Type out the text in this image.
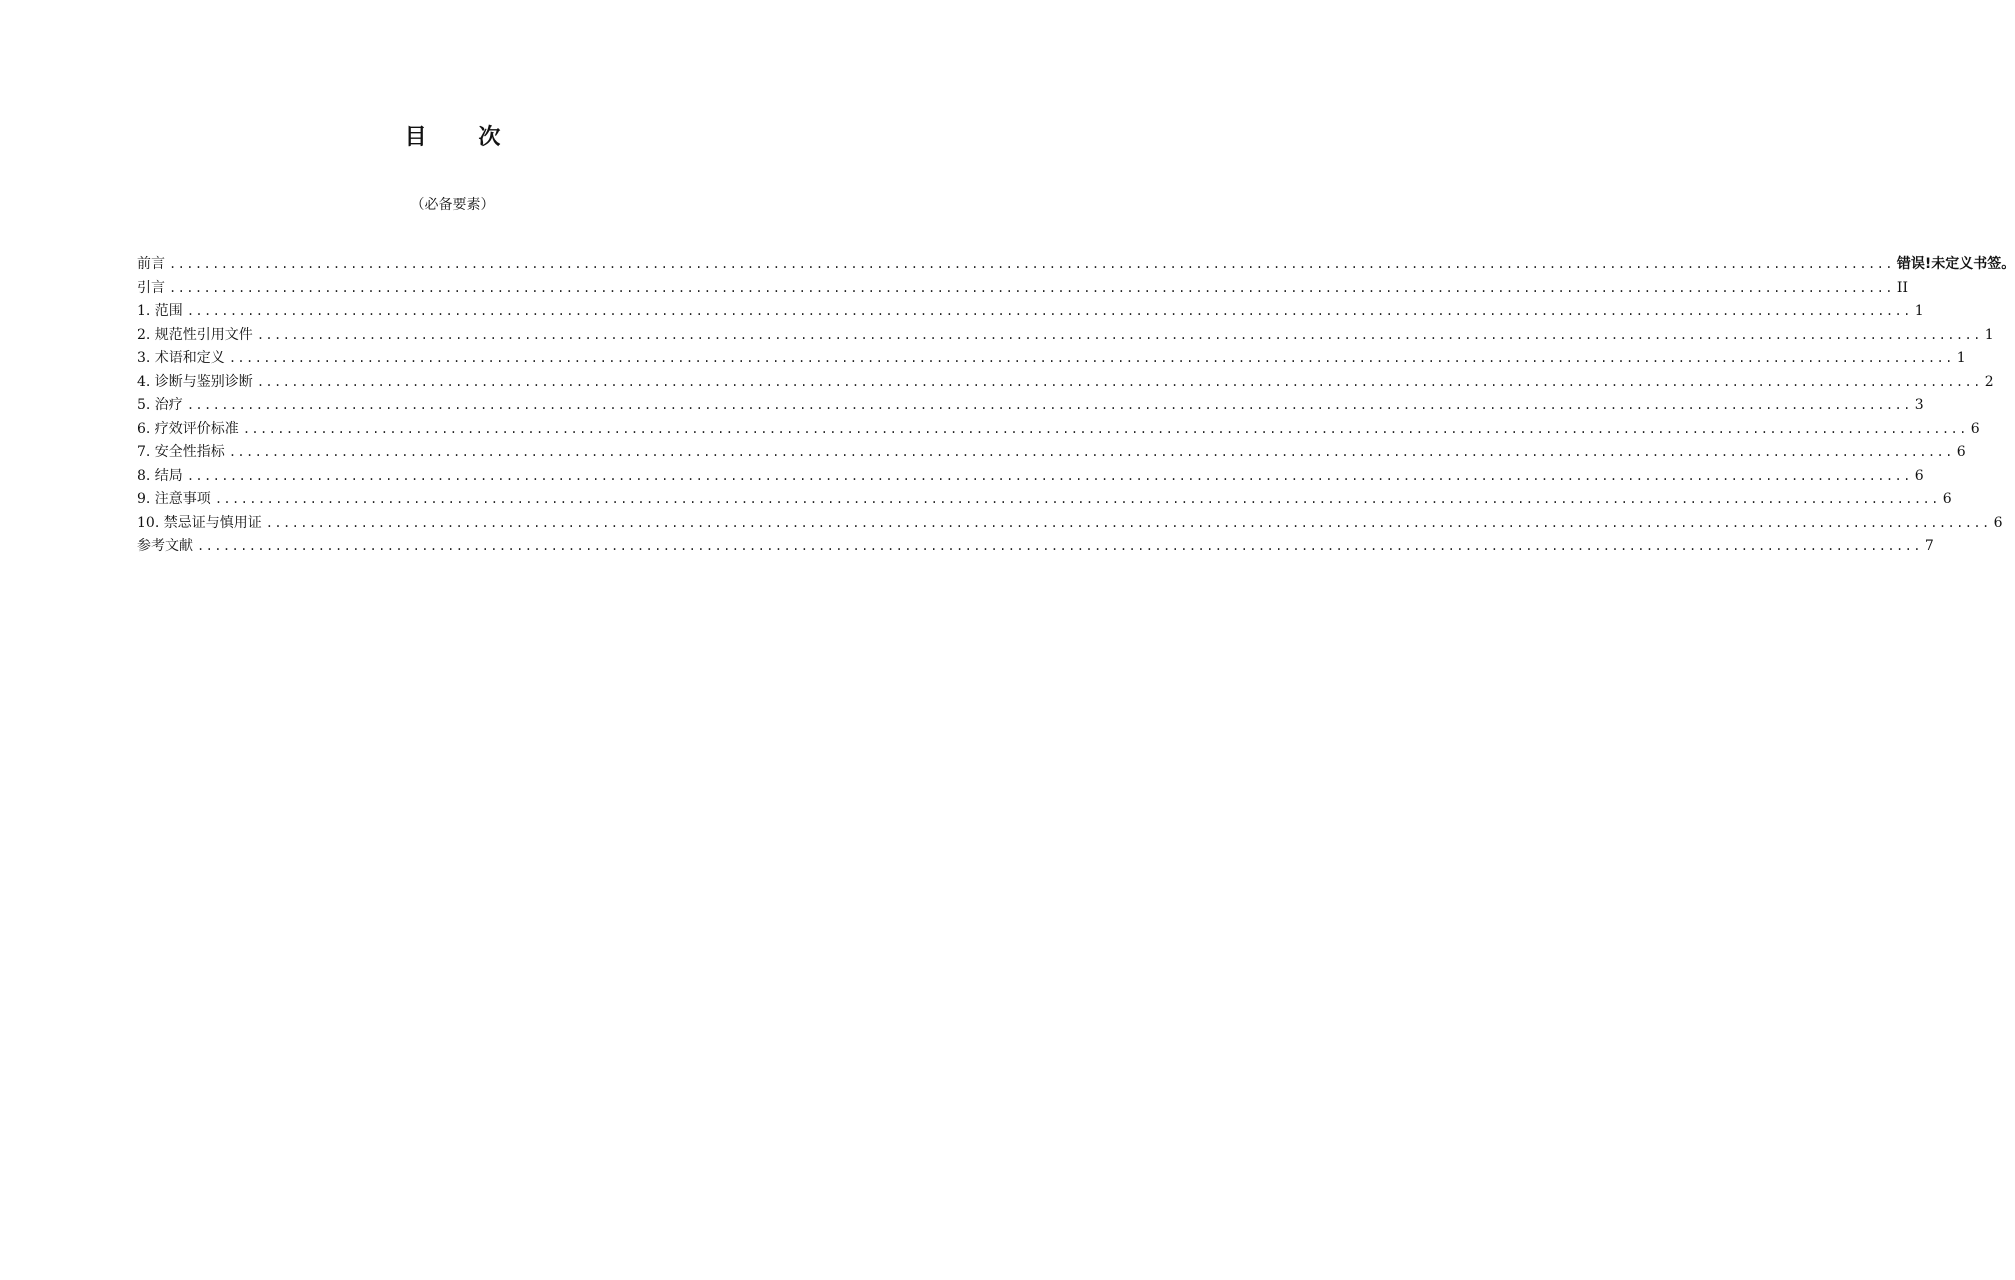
目 次
（必备要素）
前言 ........................................................................................................................................................................................................ 错误!未定义书签。
引言 ........................................................................................................................................................................................................ II
1. 范围 ........................................................................................................................................................................................................ 1
2. 规范性引用文件 ........................................................................................................................................................................................................ 1
3. 术语和定义 ........................................................................................................................................................................................................ 1
4. 诊断与鉴别诊断 ........................................................................................................................................................................................................ 2
5. 治疗 ........................................................................................................................................................................................................ 3
6. 疗效评价标准 ........................................................................................................................................................................................................ 6
7. 安全性指标 ........................................................................................................................................................................................................ 6
8. 结局 ........................................................................................................................................................................................................ 6
9. 注意事项 ........................................................................................................................................................................................................ 6
10. 禁忌证与慎用证 ........................................................................................................................................................................................................ 6
参考文献 ........................................................................................................................................................................................................ 7
